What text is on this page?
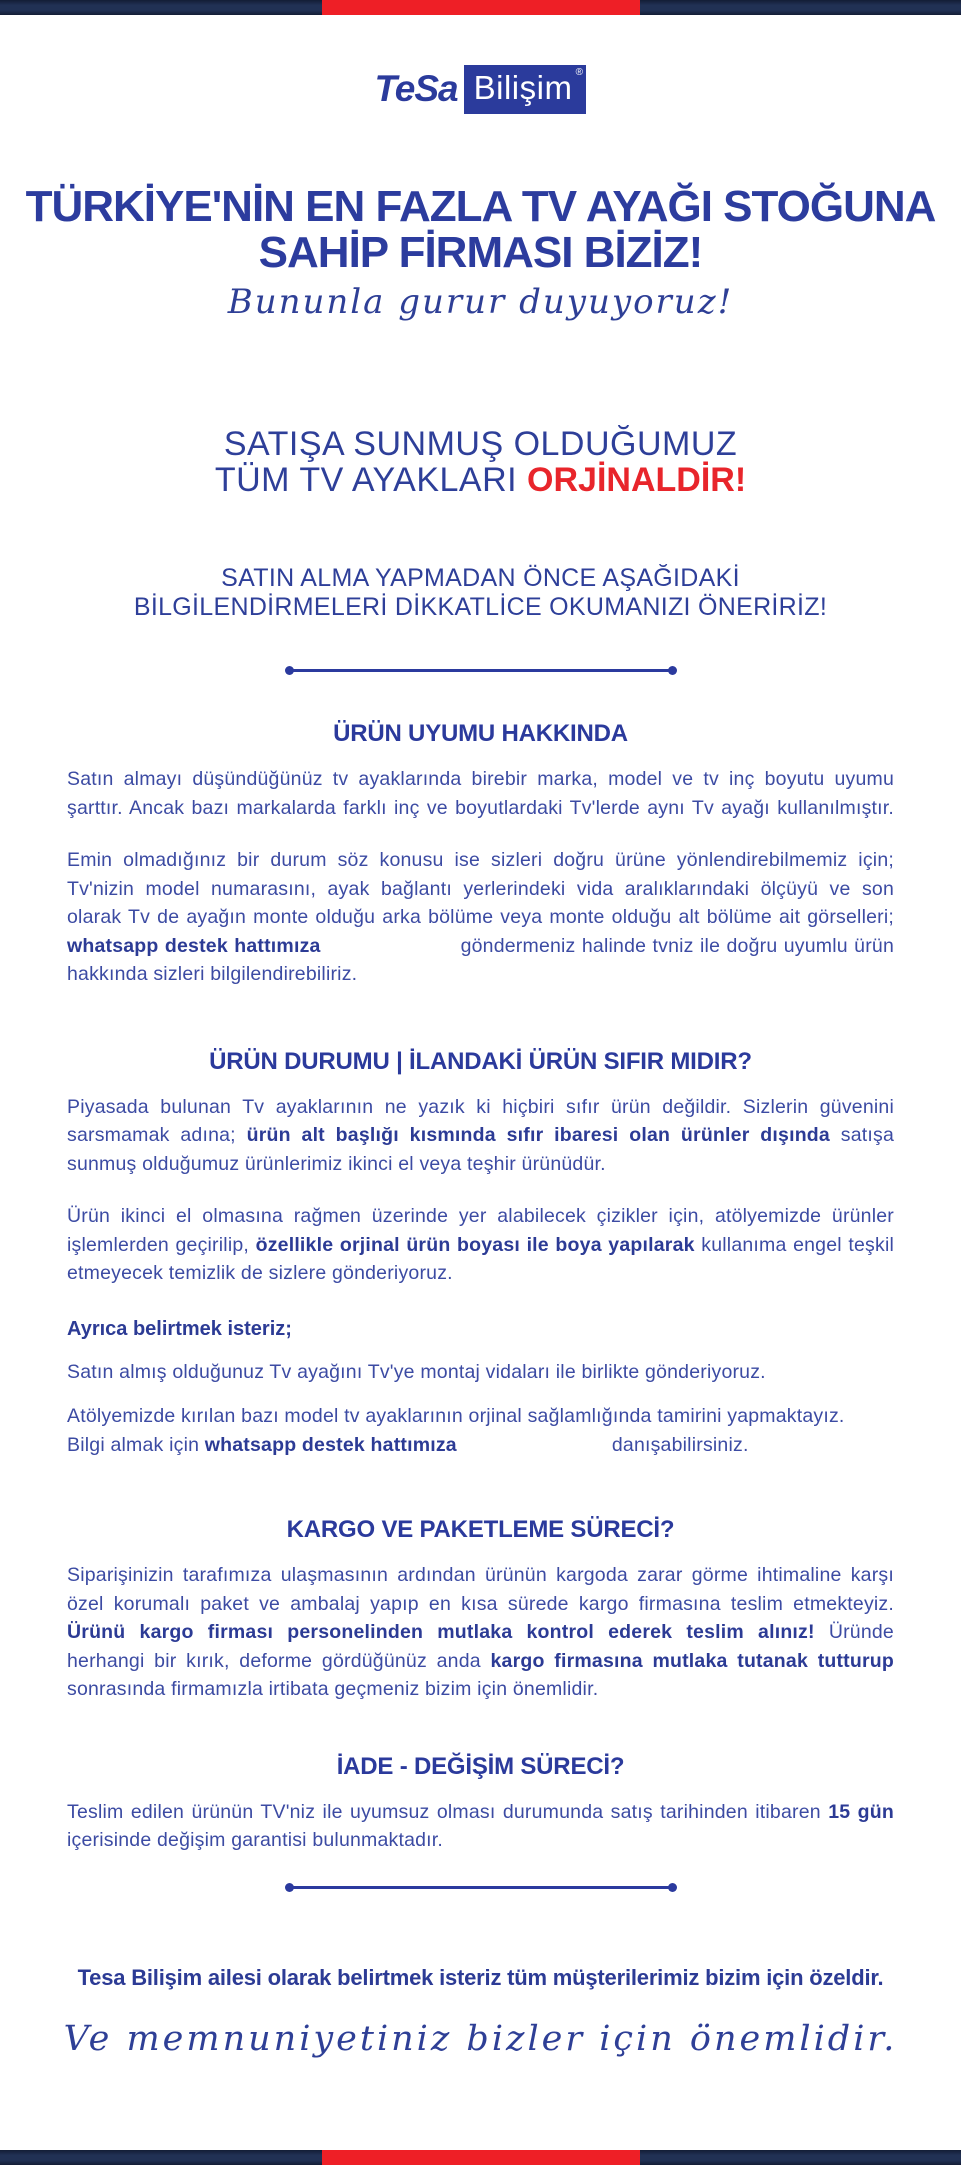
TeSa Bilişim ®
TÜRKİYE'NİN EN FAZLA TV AYAĞI STOĞUNA
SAHİP FİRMASI BİZİZ!
Bununla gurur duyuyoruz!
SATIŞA SUNMUŞ OLDUĞUMUZ
TÜM TV AYAKLARI ORJİNALDİR!
SATIN ALMA YAPMADAN ÖNCE AŞAĞIDAKİ
BİLGİLENDİRMELERİ DİKKATLİCE OKUMANIZI ÖNERİRİZ!
ÜRÜN UYUMU HAKKINDA

Satın almayı düşündüğünüz tv ayaklarında birebir marka, model ve tv inç boyutu uyumu şarttır. Ancak bazı markalarda farklı inç ve boyutlardaki Tv'lerde aynı Tv ayağı kullanılmıştır.

Emin olmadığınız bir durum söz konusu ise sizleri doğru ürüne yönlendirebilmemiz için; Tv'nizin model numarasını, ayak bağlantı yerlerindeki vida aralıklarındaki ölçüyü ve son olarak Tv de ayağın monte olduğu arka bölüme veya monte olduğu alt bölüme ait görselleri; whatsapp destek hattımıza	göndermeniz halinde tvniz ile doğru uyumlu ürün hakkında sizleri bilgilendirebiliriz.

ÜRÜN DURUMU | İLANDAKİ ÜRÜN SIFIR MIDIR?

Piyasada bulunan Tv ayaklarının ne yazık ki hiçbiri sıfır ürün değildir. Sizlerin güvenini sarsmamak adına; ürün alt başlığı kısmında sıfır ibaresi olan ürünler dışında satışa sunmuş olduğumuz ürünlerimiz ikinci el veya teşhir ürünüdür.

Ürün ikinci el olmasına rağmen üzerinde yer alabilecek çizikler için, atölyemizde ürünler işlemlerden geçirilip, özellikle orjinal ürün boyası ile boya yapılarak kullanıma engel teşkil etmeyecek temizlik de sizlere gönderiyoruz.

Ayrıca belirtmek isteriz;

Satın almış olduğunuz Tv ayağını Tv'ye montaj vidaları ile birlikte gönderiyoruz.

Atölyemizde kırılan bazı model tv ayaklarının orjinal sağlamlığında tamirini yapmaktayız.
Bilgi almak için whatsapp destek hattımıza	danışabilirsiniz.

KARGO VE PAKETLEME SÜRECİ?

Siparişinizin tarafımıza ulaşmasının ardından ürünün kargoda zarar görme ihtimaline karşı özel korumalı paket ve ambalaj yapıp en kısa sürede kargo firmasına teslim etmekteyiz. Ürünü kargo firması personelinden mutlaka kontrol ederek teslim alınız! Üründe herhangi bir kırık, deforme gördüğünüz anda kargo firmasına mutlaka tutanak tutturup sonrasında firmamızla irtibata geçmeniz bizim için önemlidir.

İADE - DEĞİŞİM SÜRECİ?

Teslim edilen ürünün TV'niz ile uyumsuz olması durumunda satış tarihinden itibaren 15 gün içerisinde değişim garantisi bulunmaktadır.

Tesa Bilişim ailesi olarak belirtmek isteriz tüm müşterilerimiz bizim için özeldir.
Ve memnuniyetiniz bizler için önemlidir.
